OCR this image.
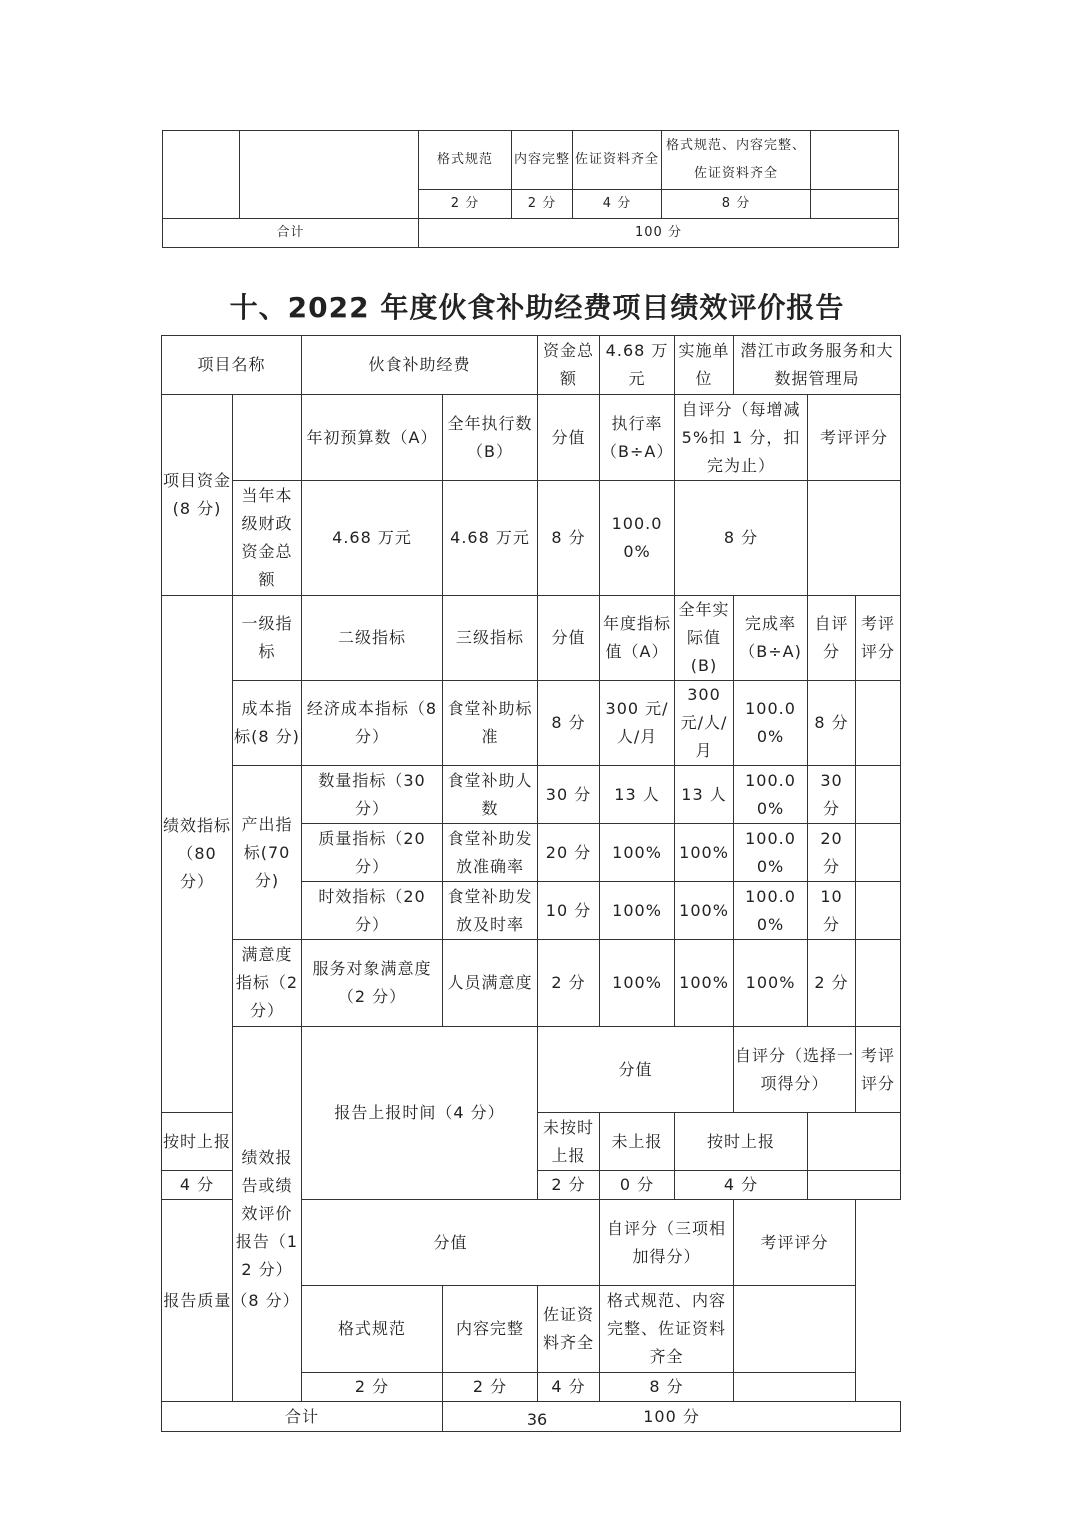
		格式规范	内容完整	佐证资料齐全	格式规范、内容完整、佐证资料齐全	
		2 分	2 分	4 分	8 分	
合计		100 分				
十、2022 年度伙食补助经费项目绩效评价报告
项目名称		伙食补助经费		资金总额	4.68 万元	实施单位	潜江市政务服务和大数据管理局		
项目资金(8 分)		年初预算数（A）	全年执行数（B）	分值	执行率（B÷A）	自评分（每增减 5%扣 1 分，扣完为止）		考评评分	
	当年本级财政资金总额	4.68 万元	4.68 万元	8 分	100.00%	8 分			
绩效指标（80 分）	一级指标	二级指标	三级指标	分值	年度指标值（A）	全年实际值(B)	完成率（B÷A)	自评分	考评评分
	成本指标(8 分)	经济成本指标（8 分）	食堂补助标准	8 分	300 元/人/月	300 元/人/月	100.00%	8 分	
	产出指标(70 分)	数量指标（30 分）	食堂补助人数	30 分	13 人	13 人	100.00%	30 分	
		质量指标（20 分）	食堂补助发放准确率	20 分	100%	100%	100.00%	20 分	
		时效指标（20 分）	食堂补助发放及时率	10 分	100%	100%	100.00%	10 分	
	满意度指标（2 分）	服务对象满意度（2 分）	人员满意度	2 分	100%	100%	100%	2 分	
	绩效报告或绩效评价报告（12 分）	报告上报时间（4 分）		分值			自评分（选择一项得分）		考评评分
按时上报				未按时上报	未上报	按时上报			
4 分				2 分	0 分	4 分			
报告质量（8 分）		分值			自评分（三项相加得分）		考评评分		
		格式规范	内容完整	佐证资料齐全	格式规范、内容完整、佐证资料齐全				
		2 分	2 分	4 分	8 分				
合计			100 分						
36
